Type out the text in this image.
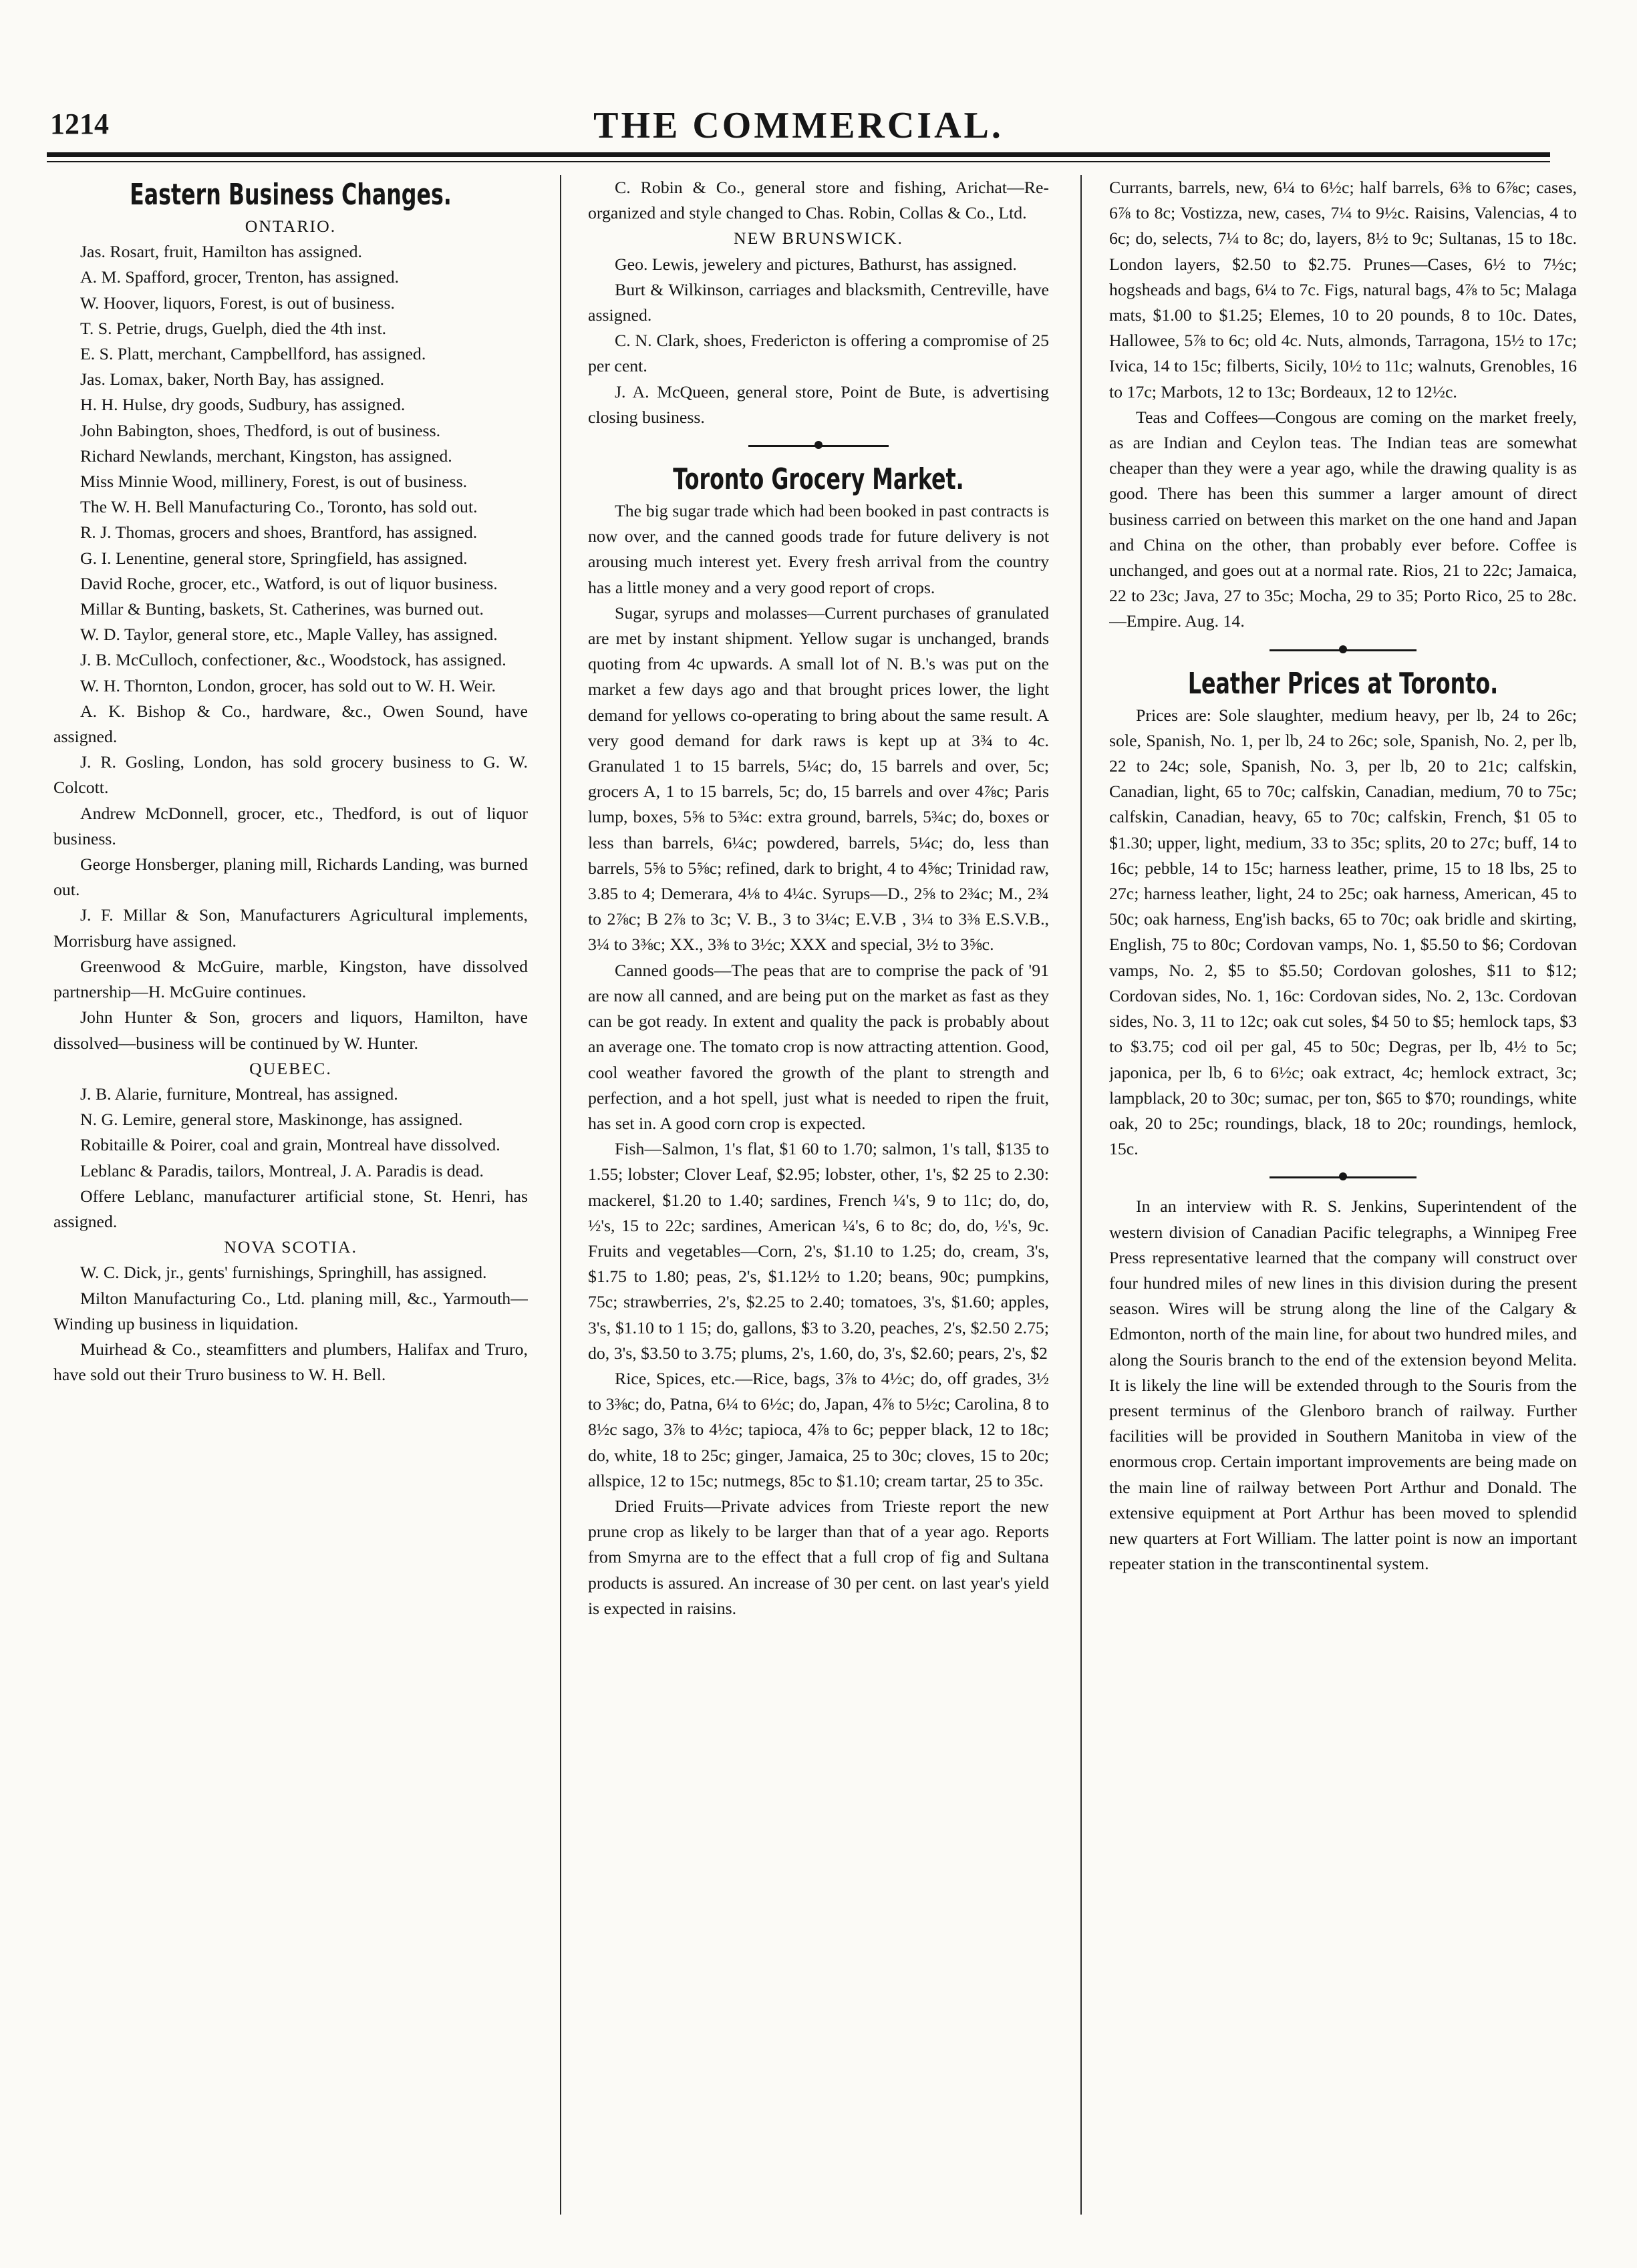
1214	THE COMMERCIAL.
Eastern Business Changes.

ONTARIO.

Jas. Rosart, fruit, Hamilton has assigned.

A. M. Spafford, grocer, Trenton, has assigned.

W. Hoover, liquors, Forest, is out of business.

T. S. Petrie, drugs, Guelph, died the 4th inst.

E. S. Platt, merchant, Campbellford, has assigned.

Jas. Lomax, baker, North Bay, has assigned.

H. H. Hulse, dry goods, Sudbury, has assigned.

John Babington, shoes, Thedford, is out of business.

Richard Newlands, merchant, Kingston, has assigned.

Miss Minnie Wood, millinery, Forest, is out of business.

The W. H. Bell Manufacturing Co., Toronto, has sold out.

R. J. Thomas, grocers and shoes, Brantford, has assigned.

G. I. Lenentine, general store, Springfield, has assigned.

David Roche, grocer, etc., Watford, is out of liquor business.

Millar & Bunting, baskets, St. Catherines, was burned out.

W. D. Taylor, general store, etc., Maple Valley, has assigned.

J. B. McCulloch, confectioner, &c., Woodstock, has assigned.

W. H. Thornton, London, grocer, has sold out to W. H. Weir.

A. K. Bishop & Co., hardware, &c., Owen Sound, have assigned.

J. R. Gosling, London, has sold grocery business to G. W. Colcott.

Andrew McDonnell, grocer, etc., Thedford, is out of liquor business.

George Honsberger, planing mill, Richards Landing, was burned out.

J. F. Millar & Son, Manufacturers Agricultural implements, Morrisburg have assigned.

Greenwood & McGuire, marble, Kingston, have dissolved partnership—H. McGuire continues.

John Hunter & Son, grocers and liquors, Hamilton, have dissolved—business will be continued by W. Hunter.

QUEBEC.

J. B. Alarie, furniture, Montreal, has assigned.

N. G. Lemire, general store, Maskinonge, has assigned.

Robitaille & Poirer, coal and grain, Montreal have dissolved.

Leblanc & Paradis, tailors, Montreal, J. A. Paradis is dead.

Offere Leblanc, manufacturer artificial stone, St. Henri, has assigned.

NOVA SCOTIA.

W. C. Dick, jr., gents' furnishings, Springhill, has assigned.

Milton Manufacturing Co., Ltd. planing mill, &c., Yarmouth—Winding up business in liquidation.

Muirhead & Co., steamfitters and plumbers, Halifax and Truro, have sold out their Truro business to W. H. Bell.

C. Robin & Co., general store and fishing, Arichat—Re-organized and style changed to Chas. Robin, Collas & Co., Ltd.

NEW BRUNSWICK.

Geo. Lewis, jewelery and pictures, Bathurst, has assigned.

Burt & Wilkinson, carriages and blacksmith, Centreville, have assigned.

C. N. Clark, shoes, Fredericton is offering a compromise of 25 per cent.

J. A. McQueen, general store, Point de Bute, is advertising closing business.

Toronto Grocery Market.

The big sugar trade which had been booked in past contracts is now over, and the canned goods trade for future delivery is not arousing much interest yet. Every fresh arrival from the country has a little money and a very good report of crops.

Sugar, syrups and molasses—Current purchases of granulated are met by instant shipment. Yellow sugar is unchanged, brands quoting from 4c upwards. A small lot of N. B.'s was put on the market a few days ago and that brought prices lower, the light demand for yellows co-operating to bring about the same result. A very good demand for dark raws is kept up at 3¾ to 4c. Granulated 1 to 15 barrels, 5¼c; do, 15 barrels and over, 5c; grocers A, 1 to 15 barrels, 5c; do, 15 barrels and over 4⅞c; Paris lump, boxes, 5⅝ to 5¾c: extra ground, barrels, 5¾c; do, boxes or less than barrels, 6¼c; powdered, barrels, 5¼c; do, less than barrels, 5⅝ to 5⅝c; refined, dark to bright, 4 to 4⅝c; Trinidad raw, 3.85 to 4; Demerara, 4⅛ to 4¼c. Syrups—D., 2⅝ to 2¾c; M., 2¾ to 2⅞c; B 2⅞ to 3c; V. B., 3 to 3¼c; E.V.B , 3¼ to 3⅜ E.S.V.B., 3¼ to 3⅜c; XX., 3⅜ to 3½c; XXX and special, 3½ to 3⅝c.

Canned goods—The peas that are to comprise the pack of '91 are now all canned, and are being put on the market as fast as they can be got ready. In extent and quality the pack is probably about an average one. The tomato crop is now attracting attention. Good, cool weather favored the growth of the plant to strength and perfection, and a hot spell, just what is needed to ripen the fruit, has set in. A good corn crop is expected.

Fish—Salmon, 1's flat, $1 60 to 1.70; salmon, 1's tall, $135 to 1.55; lobster; Clover Leaf, $2.95; lobster, other, 1's, $2 25 to 2.30: mackerel, $1.20 to 1.40; sardines, French ¼'s, 9 to 11c; do, do, ½'s, 15 to 22c; sardines, American ¼'s, 6 to 8c; do, do, ½'s, 9c. Fruits and vegetables—Corn, 2's, $1.10 to 1.25; do, cream, 3's, $1.75 to 1.80; peas, 2's, $1.12½ to 1.20; beans, 90c; pumpkins, 75c; strawberries, 2's, $2.25 to 2.40; tomatoes, 3's, $1.60; apples, 3's, $1.10 to 1 15; do, gallons, $3 to 3.20, peaches, 2's, $2.50 2.75; do, 3's, $3.50 to 3.75; plums, 2's, 1.60, do, 3's, $2.60; pears, 2's, $2

Rice, Spices, etc.—Rice, bags, 3⅞ to 4½c; do, off grades, 3½ to 3⅜c; do, Patna, 6¼ to 6½c; do, Japan, 4⅞ to 5½c; Carolina, 8 to 8½c sago, 3⅞ to 4½c; tapioca, 4⅞ to 6c; pepper black, 12 to 18c; do, white, 18 to 25c; ginger, Jamaica, 25 to 30c; cloves, 15 to 20c; allspice, 12 to 15c; nutmegs, 85c to $1.10; cream tartar, 25 to 35c.

Dried Fruits—Private advices from Trieste report the new prune crop as likely to be larger than that of a year ago. Reports from Smyrna are to the effect that a full crop of fig and Sultana products is assured. An increase of 30 per cent. on last year's yield is expected in raisins.

Currants, barrels, new, 6¼ to 6½c; half barrels, 6⅜ to 6⅞c; cases, 6⅞ to 8c; Vostizza, new, cases, 7¼ to 9½c. Raisins, Valencias, 4 to 6c; do, selects, 7¼ to 8c; do, layers, 8½ to 9c; Sultanas, 15 to 18c. London layers, $2.50 to $2.75. Prunes—Cases, 6½ to 7½c; hogsheads and bags, 6¼ to 7c. Figs, natural bags, 4⅞ to 5c; Malaga mats, $1.00 to $1.25; Elemes, 10 to 20 pounds, 8 to 10c. Dates, Hallowee, 5⅞ to 6c; old 4c. Nuts, almonds, Tarragona, 15½ to 17c; Ivica, 14 to 15c; filberts, Sicily, 10½ to 11c; walnuts, Grenobles, 16 to 17c; Marbots, 12 to 13c; Bordeaux, 12 to 12½c.

Teas and Coffees—Congous are coming on the market freely, as are Indian and Ceylon teas. The Indian teas are somewhat cheaper than they were a year ago, while the drawing quality is as good. There has been this summer a larger amount of direct business carried on between this market on the one hand and Japan and China on the other, than probably ever before. Coffee is unchanged, and goes out at a normal rate. Rios, 21 to 22c; Jamaica, 22 to 23c; Java, 27 to 35c; Mocha, 29 to 35; Porto Rico, 25 to 28c.—Empire. Aug. 14.

Leather Prices at Toronto.

Prices are: Sole slaughter, medium heavy, per lb, 24 to 26c; sole, Spanish, No. 1, per lb, 24 to 26c; sole, Spanish, No. 2, per lb, 22 to 24c; sole, Spanish, No. 3, per lb, 20 to 21c; calfskin, Canadian, light, 65 to 70c; calfskin, Canadian, medium, 70 to 75c; calfskin, Canadian, heavy, 65 to 70c; calfskin, French, $1 05 to $1.30; upper, light, medium, 33 to 35c; splits, 20 to 27c; buff, 14 to 16c; pebble, 14 to 15c; harness leather, prime, 15 to 18 lbs, 25 to 27c; harness leather, light, 24 to 25c; oak harness, American, 45 to 50c; oak harness, Eng'ish backs, 65 to 70c; oak bridle and skirting, English, 75 to 80c; Cordovan vamps, No. 1, $5.50 to $6; Cordovan vamps, No. 2, $5 to $5.50; Cordovan goloshes, $11 to $12; Cordovan sides, No. 1, 16c: Cordovan sides, No. 2, 13c. Cordovan sides, No. 3, 11 to 12c; oak cut soles, $4 50 to $5; hemlock taps, $3 to $3.75; cod oil per gal, 45 to 50c; Degras, per lb, 4½ to 5c; japonica, per lb, 6 to 6½c; oak extract, 4c; hemlock extract, 3c; lampblack, 20 to 30c; sumac, per ton, $65 to $70; roundings, white oak, 20 to 25c; roundings, black, 18 to 20c; roundings, hemlock, 15c.

In an interview with R. S. Jenkins, Superintendent of the western division of Canadian Pacific telegraphs, a Winnipeg Free Press representative learned that the company will construct over four hundred miles of new lines in this division during the present season. Wires will be strung along the line of the Calgary & Edmonton, north of the main line, for about two hundred miles, and along the Souris branch to the end of the extension beyond Melita. It is likely the line will be extended through to the Souris from the present terminus of the Glenboro branch of railway. Further facilities will be provided in Southern Manitoba in view of the enormous crop. Certain important improvements are being made on the main line of railway between Port Arthur and Donald. The extensive equipment at Port Arthur has been moved to splendid new quarters at Fort William. The latter point is now an important repeater station in the transcontinental system.
